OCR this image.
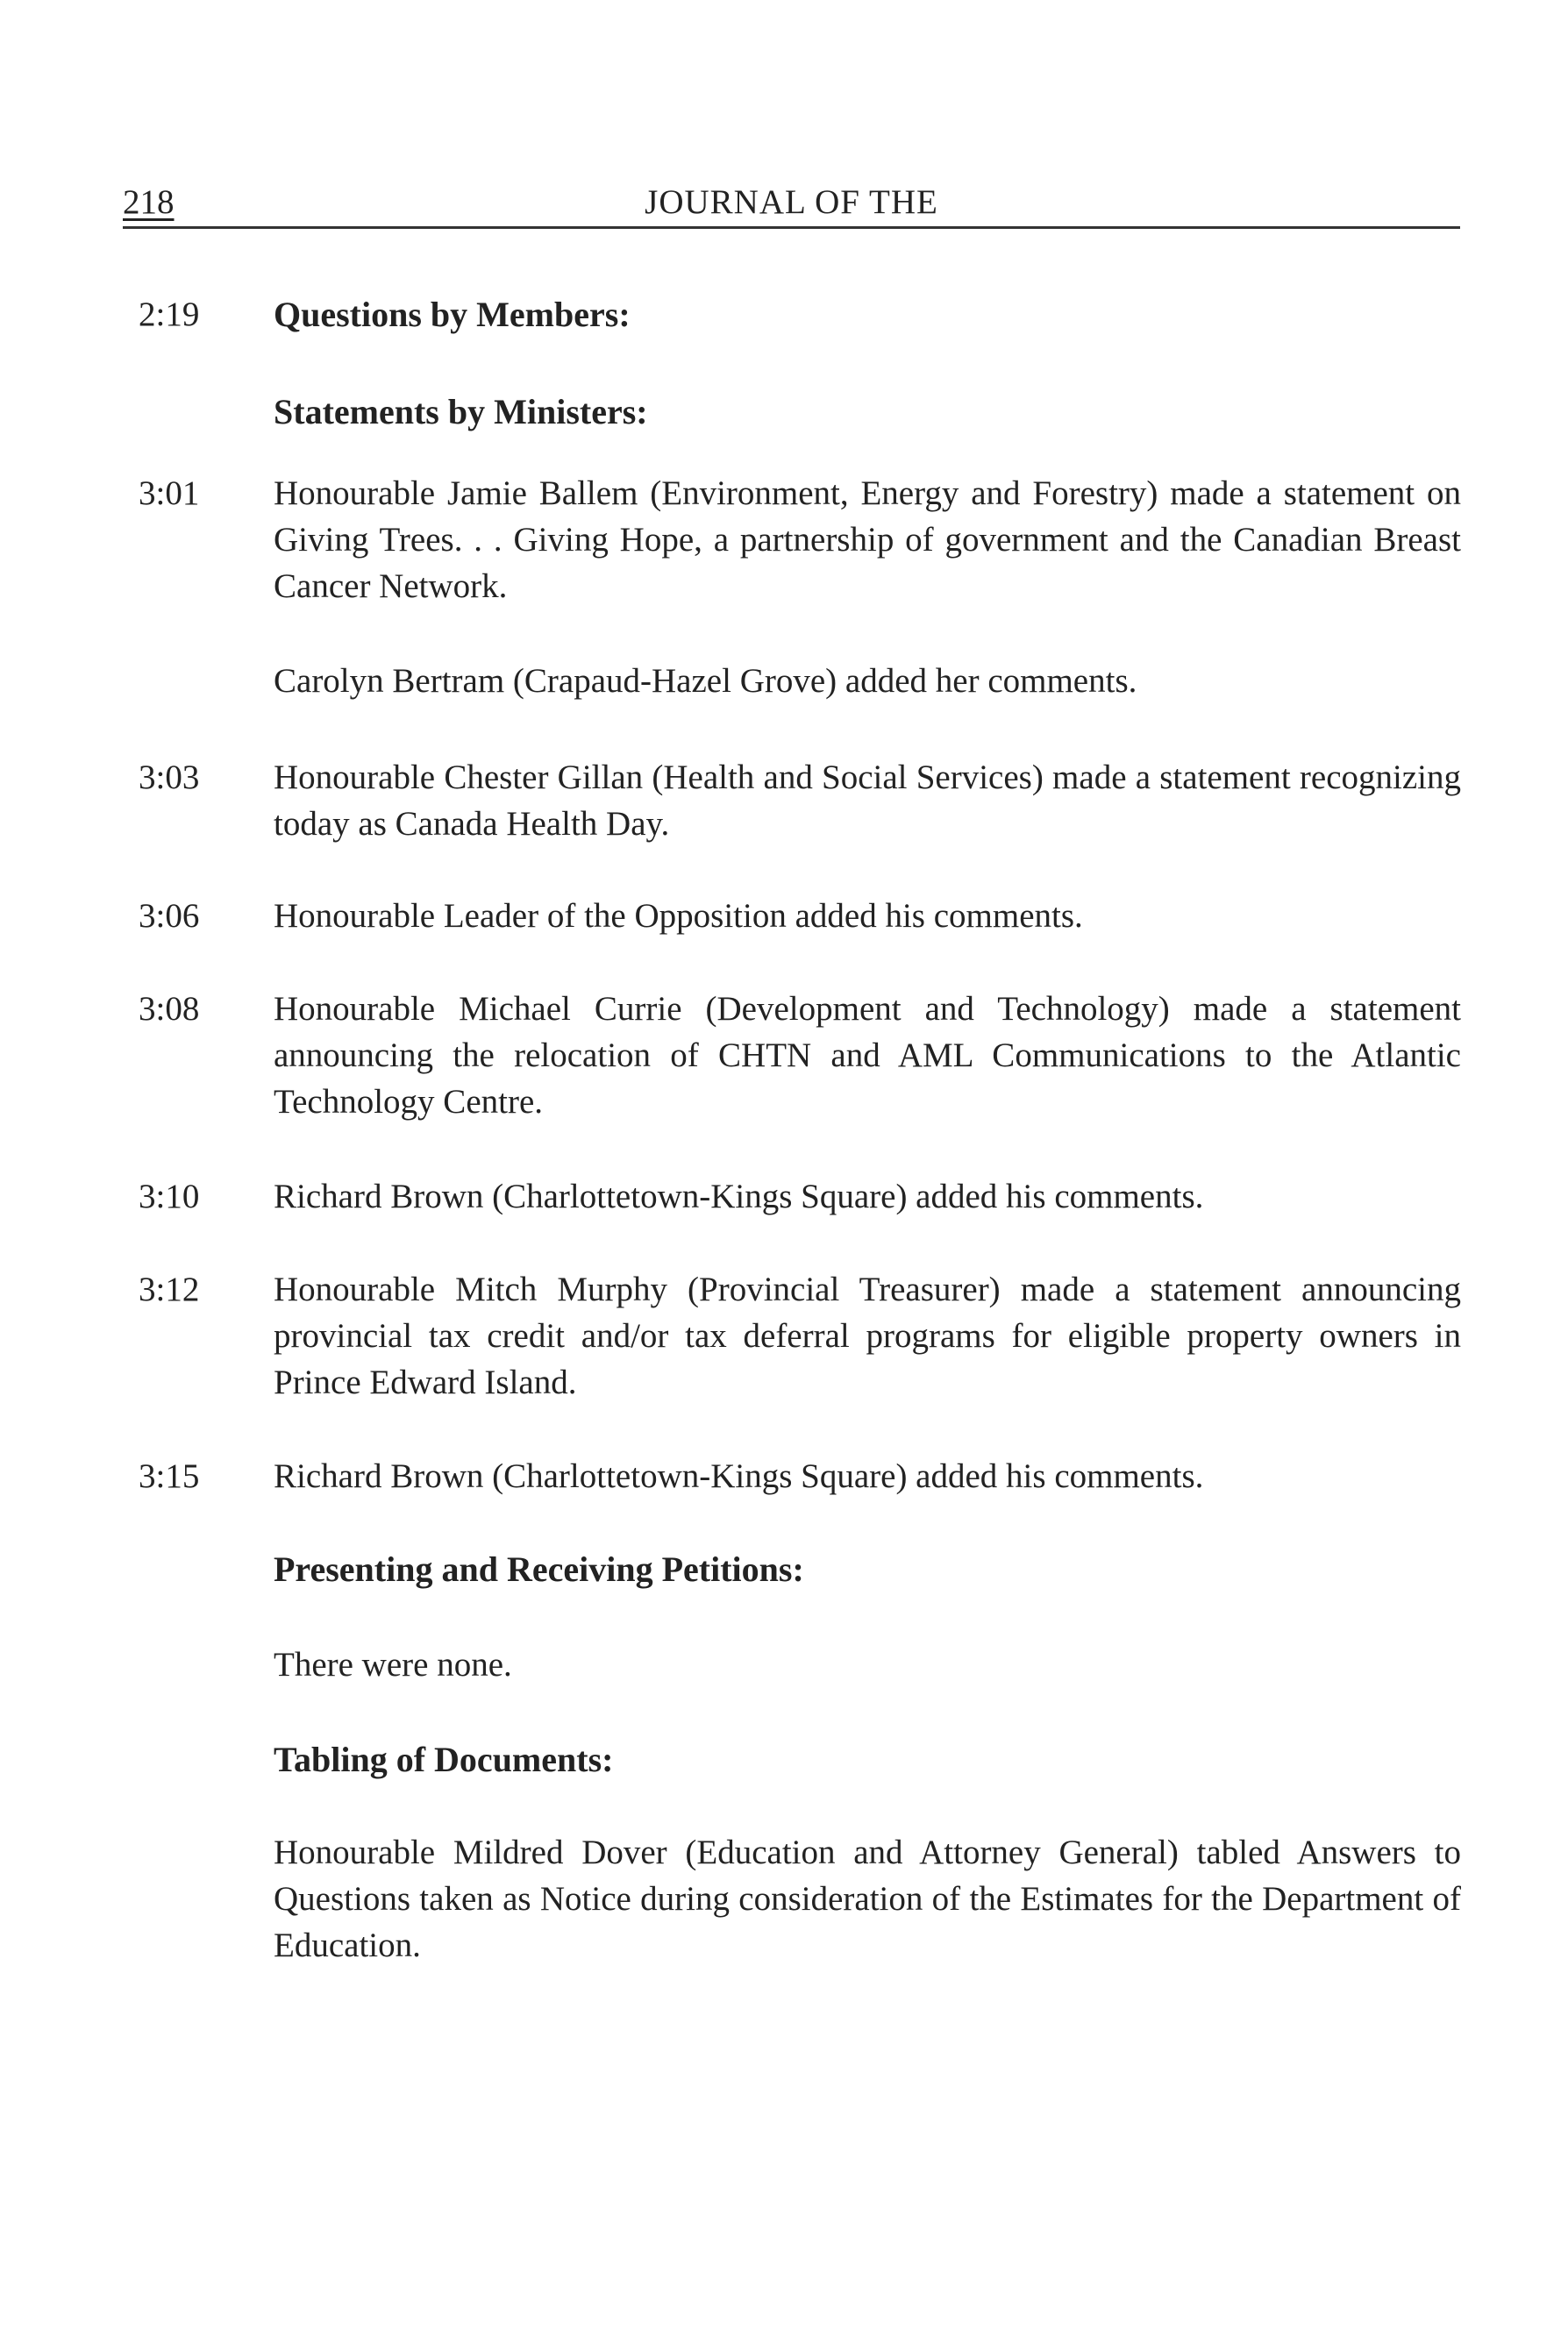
218	JOURNAL OF THE
2:19 Questions by Members:
Statements by Ministers:
3:01 Honourable Jamie Ballem (Environment, Energy and Forestry) made a statement on Giving Trees. . . Giving Hope, a partnership of government and the Canadian Breast Cancer Network.
Carolyn Bertram (Crapaud-Hazel Grove) added her comments.
3:03 Honourable Chester Gillan (Health and Social Services) made a statement recognizing today as Canada Health Day.
3:06 Honourable Leader of the Opposition added his comments.
3:08 Honourable Michael Currie (Development and Technology) made a statement announcing the relocation of CHTN and AML Communications to the Atlantic Technology Centre.
3:10 Richard Brown (Charlottetown-Kings Square) added his comments.
3:12 Honourable Mitch Murphy (Provincial Treasurer) made a statement announcing provincial tax credit and/or tax deferral programs for eligible property owners in Prince Edward Island.
3:15 Richard Brown (Charlottetown-Kings Square) added his comments.
Presenting and Receiving Petitions:
There were none.
Tabling of Documents:
Honourable Mildred Dover (Education and Attorney General) tabled Answers to Questions taken as Notice during consideration of the Estimates for the Department of Education.
